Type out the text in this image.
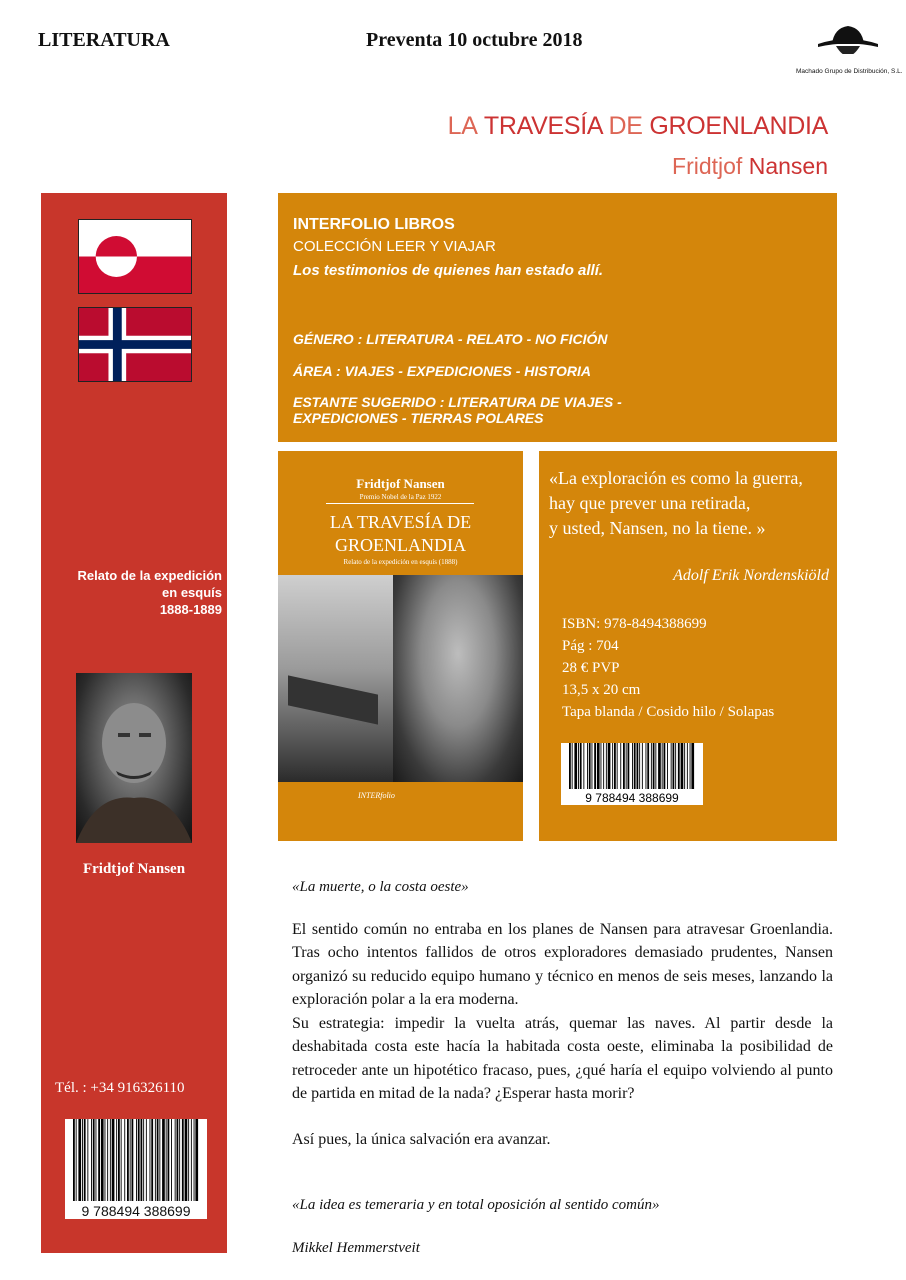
LITERATURA	Preventa 10 octubre 2018
Machado Grupo de Distribución, S.L.
LA TRAVESÍA DE GROENLANDIA
Fridtjof Nansen
Relato de la expedición
en esquís
1888-1889
Fridtjof Nansen
Tél. : +34 916326110
9 788494 388699
INTERFOLIO LIBROS
COLECCIÓN LEER Y VIAJAR
Los testimonios de quienes han estado allí.
GÉNERO : LITERATURA - RELATO - NO FICIÓN
ÁREA : VIAJES - EXPEDICIONES - HISTORIA
ESTANTE SUGERIDO : LITERATURA DE VIAJES -
EXPEDICIONES - TIERRAS POLARES
Fridtjof Nansen
Premio Nobel de la Paz 1922
LA TRAVESÍA DE
GROENLANDIA
Relato de la expedición en esquís (1888)
INTERfolio
«La exploración es como la guerra,
hay que prever una retirada,
y usted, Nansen, no la tiene. »
Adolf Erik Nordenskiöld
ISBN: 978-8494388699
Pág : 704
28 € PVP
13,5 x 20 cm
Tapa blanda / Cosido hilo / Solapas
9 788494 388699
«La muerte, o la costa oeste»
El sentido común no entraba en los planes de Nansen para atravesar Groenlandia. Tras ocho intentos fallidos de otros exploradores demasiado prudentes, Nansen organizó su reducido equipo humano y técnico en menos de seis meses, lanzando la exploración polar a la era moderna.
Su estrategia: impedir la vuelta atrás, quemar las naves. Al partir desde la deshabitada costa este hacía la habitada costa oeste, eliminaba la posibilidad de retroceder ante un hipotético fracaso, pues, ¿qué haría el equipo volviendo al punto de partida en mitad de la nada? ¿Esperar hasta morir?
Así pues, la única salvación era avanzar.
«La idea es temeraria y en total oposición al sentido común»
Mikkel Hemmerstveit
